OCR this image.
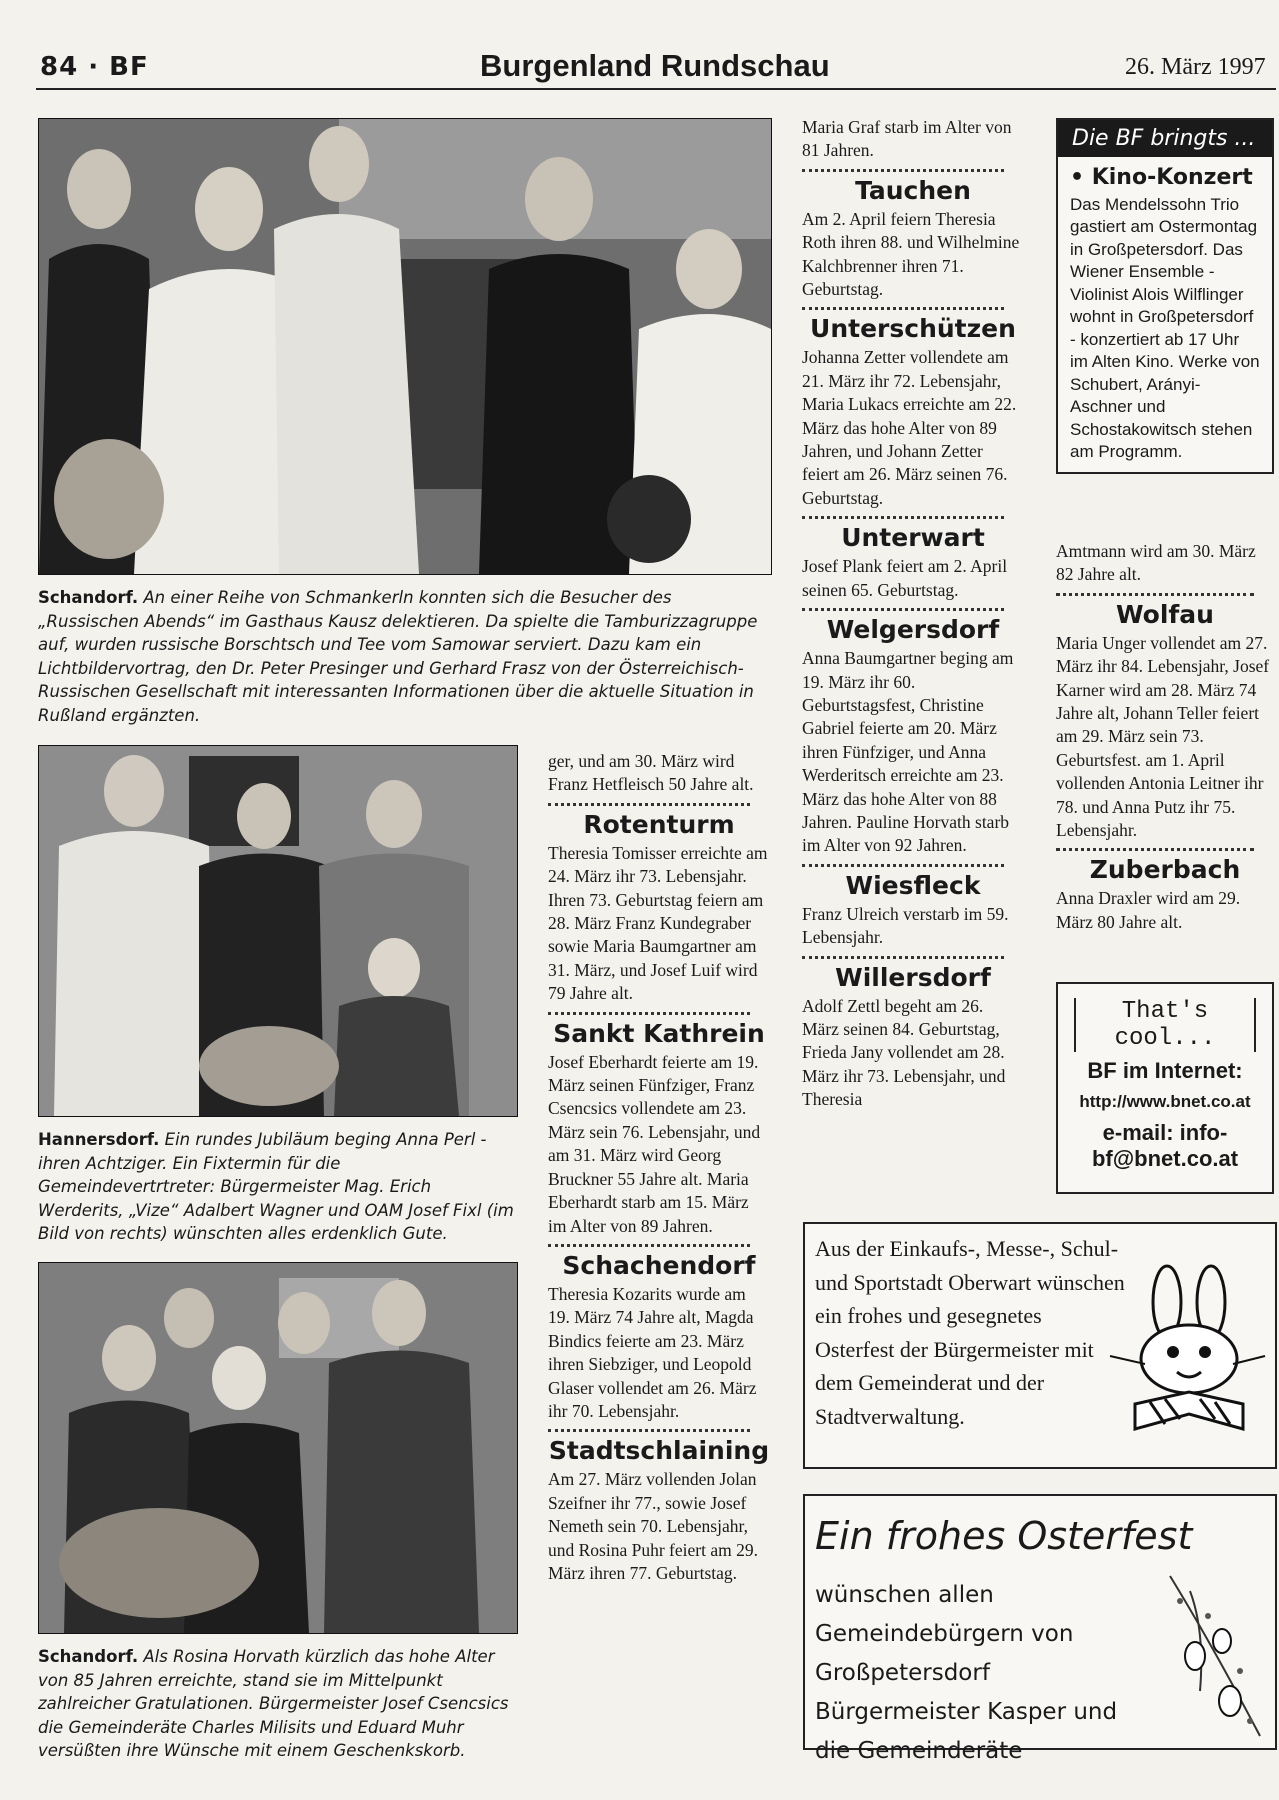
84 · BF	Burgenland Rundschau	26. März 1997
Schandorf. An einer Reihe von Schmankerln konnten sich die Besucher des „Russischen Abends“ im Gasthaus Kausz delektieren. Da spielte die Tamburizzagruppe auf, wurden russische Borschtsch und Tee vom Samowar serviert. Dazu kam ein Lichtbildervortrag, den Dr. Peter Presinger und Gerhard Frasz von der Österreichisch-Russischen Gesellschaft mit interessanten Informationen über die aktuelle Situation in Rußland ergänzten.
Hannersdorf. Ein rundes Jubiläum beging Anna Perl - ihren Achtziger. Ein Fixtermin für die Gemeindevertrtreter: Bürgermeister Mag. Erich Werderits, „Vize“ Adalbert Wagner und OAM Josef Fixl (im Bild von rechts) wünschten alles erdenklich Gute.
Schandorf. Als Rosina Horvath kürzlich das hohe Alter von 85 Jahren erreichte, stand sie im Mittelpunkt zahlreicher Gratulationen. Bürgermeister Josef Csencsics die Gemeinderäte Charles Milisits und Eduard Muhr versüßten ihre Wünsche mit einem Geschenkskorb.

ger, und am 30. März wird Franz Hetfleisch 50 Jahre alt.

Rotenturm

Theresia Tomisser erreichte am 24. März ihr 73. Lebensjahr. Ihren 73. Geburtstag feiern am 28. März Franz Kundegraber sowie Maria Baumgartner am 31. März, und Josef Luif wird 79 Jahre alt.

Sankt Kathrein

Josef Eberhardt feierte am 19. März seinen Fünfziger, Franz Csencsics vollendete am 23. März sein 76. Lebensjahr, und am 31. März wird Georg Bruckner 55 Jahre alt. Maria Eberhardt starb am 15. März im Alter von 89 Jahren.

Schachendorf

Theresia Kozarits wurde am 19. März 74 Jahre alt, Magda Bindics feierte am 23. März ihren Siebziger, und Leopold Glaser vollendet am 26. März ihr 70. Lebensjahr.

Stadtschlaining

Am 27. März vollenden Jolan Szeifner ihr 77., sowie Josef Nemeth sein 70. Lebensjahr, und Rosina Puhr feiert am 29. März ihren 77. Geburtstag.

Maria Graf starb im Alter von 81 Jahren.

Tauchen

Am 2. April feiern Theresia Roth ihren 88. und Wilhelmine Kalchbrenner ihren 71. Geburtstag.

Unterschützen

Johanna Zetter vollendete am 21. März ihr 72. Lebensjahr, Maria Lukacs erreichte am 22. März das hohe Alter von 89 Jahren, und Johann Zetter feiert am 26. März seinen 76. Geburtstag.

Unterwart

Josef Plank feiert am 2. April seinen 65. Geburtstag.

Welgersdorf

Anna Baumgartner beging am 19. März ihr 60. Geburtstagsfest, Christine Gabriel feierte am 20. März ihren Fünfziger, und Anna Werderitsch erreichte am 23. März das hohe Alter von 88 Jahren. Pauline Horvath starb im Alter von 92 Jahren.

Wiesfleck

Franz Ulreich verstarb im 59. Lebensjahr.

Willersdorf

Adolf Zettl begeht am 26. März seinen 84. Geburtstag, Frieda Jany vollendet am 28. März ihr 73. Lebensjahr, und Theresia

Die BF bringts ...
• Kino-Konzert
Das Mendelssohn Trio gastiert am Ostermontag in Großpetersdorf. Das Wiener Ensemble - Violinist Alois Wilflinger wohnt in Großpetersdorf - konzertiert ab 17 Uhr im Alten Kino. Werke von Schubert, Arányi-Aschner und Schostakowitsch stehen am Programm.

Amtmann wird am 30. März 82 Jahre alt.

Wolfau

Maria Unger vollendet am 27. März ihr 84. Lebensjahr, Josef Karner wird am 28. März 74 Jahre alt, Johann Teller feiert am 29. März sein 73. Geburtsfest. am 1. April vollenden Antonia Leitner ihr 78. und Anna Putz ihr 75. Lebensjahr.

Zuberbach

Anna Draxler wird am 29. März 80 Jahre alt.

That's cool...
BF im Internet:
http://www.bnet.co.at
e-mail: info-
bf@bnet.co.at
Aus der Einkaufs-, Messe-, Schul- und Sportstadt Oberwart wünschen ein frohes und gesegnetes Osterfest der Bürgermeister mit dem Gemeinderat und der Stadtverwaltung.
Ein frohes Osterfest
wünschen allen Gemeindebürgern von Großpetersdorf Bürgermeister Kasper und die Gemeinderäte
